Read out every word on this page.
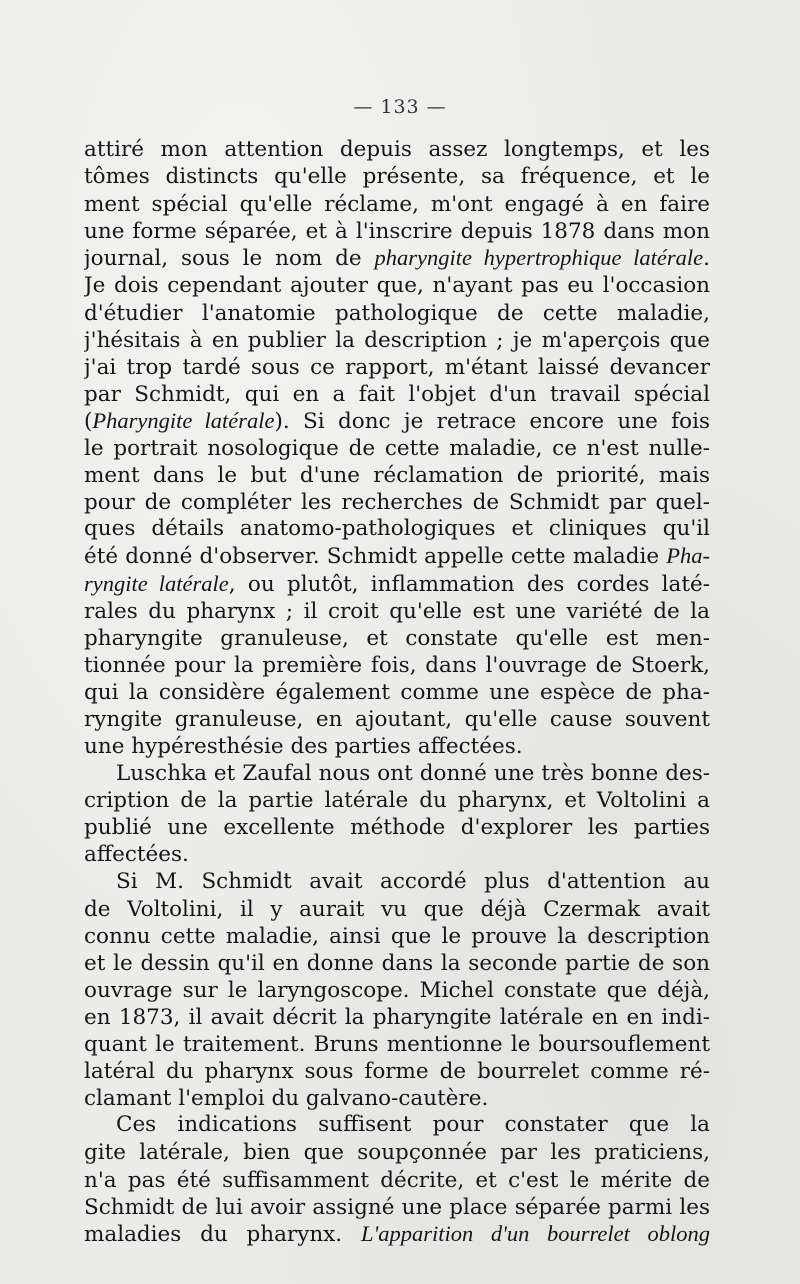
— 133 —
attiré mon attention depuis assez longtemps, et les
tômes distincts qu'elle présente, sa fréquence, et le
ment spécial qu'elle réclame, m'ont engagé à en faire
une forme séparée, et à l'inscrire depuis 1878 dans mon
journal, sous le nom de pharyngite hypertrophique latérale.
Je dois cependant ajouter que, n'ayant pas eu l'occasion
d'étudier l'anatomie pathologique de cette maladie,
j'hésitais à en publier la description ; je m'aperçois que
j'ai trop tardé sous ce rapport, m'étant laissé devancer
par Schmidt, qui en a fait l'objet d'un travail spécial
(Pharyngite latérale). Si donc je retrace encore une fois
le portrait nosologique de cette maladie, ce n'est nulle-
ment dans le but d'une réclamation de priorité, mais
pour de compléter les recherches de Schmidt par quel-
ques détails anatomo-pathologiques et cliniques qu'il
été donné d'observer. Schmidt appelle cette maladie Pha-
ryngite latérale, ou plutôt, inflammation des cordes laté-
rales du pharynx ; il croit qu'elle est une variété de la
pharyngite granuleuse, et constate qu'elle est men-
tionnée pour la première fois, dans l'ouvrage de Stoerk,
qui la considère également comme une espèce de pha-
ryngite granuleuse, en ajoutant, qu'elle cause souvent
une hypéresthésie des parties affectées.
Luschka et Zaufal nous ont donné une très bonne des-
cription de la partie latérale du pharynx, et Voltolini a
publié une excellente méthode d'explorer les parties
affectées.
Si M. Schmidt avait accordé plus d'attention au
de Voltolini, il y aurait vu que déjà Czermak avait
connu cette maladie, ainsi que le prouve la description
et le dessin qu'il en donne dans la seconde partie de son
ouvrage sur le laryngoscope. Michel constate que déjà,
en 1873, il avait décrit la pharyngite latérale en en indi-
quant le traitement. Bruns mentionne le boursouflement
latéral du pharynx sous forme de bourrelet comme ré-
clamant l'emploi du galvano-cautère.
Ces indications suffisent pour constater que la
gite latérale, bien que soupçonnée par les praticiens,
n'a pas été suffisamment décrite, et c'est le mérite de
Schmidt de lui avoir assigné une place séparée parmi les
maladies du pharynx. L'apparition d'un bourrelet oblong
